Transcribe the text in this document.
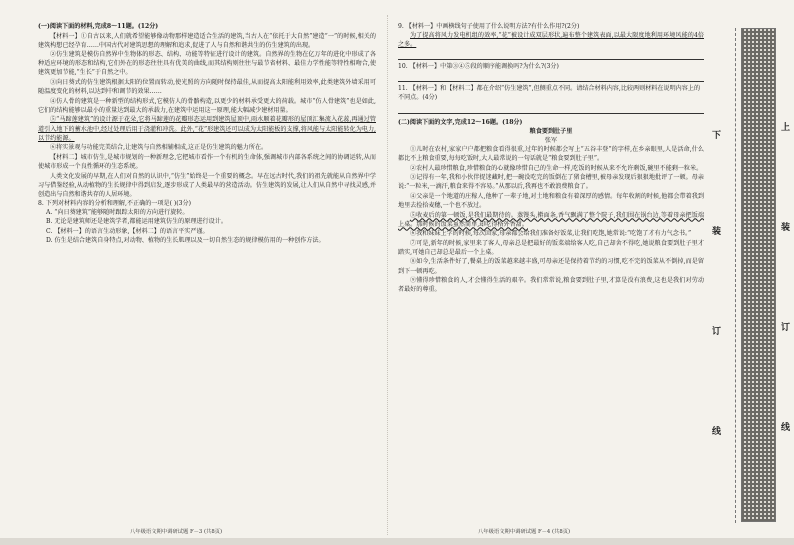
(一)阅读下面的材料,完成8～11题。(12分)

【材料一】①自古以来,人们就希望能够像动物那样建造适合生活的建筑,当古人在“依托于大自然”建造“一”的时候,相关的建筑构想已经孕育……中国古代对建筑思想的理解和追求,促进了人与自然和谐共生的仿生建筑的出现。

②仿生建筑是模仿自然界中生物体的形态、结构、功能等特征进行设计的建筑。自然界的生物在亿万年的进化中形成了各种适应环境的形态和结构,它们外在的形态往往具有优美的曲线,而其结构则往往与最节省材料、最佳力学性能等特性相吻合,使建筑更加节能,“生长”于自然之中。

③向日葵式的仿生建筑根据太阳的位置而转动,使光照的方向随时保持最佳,从而提高太阳能利用效率,此类建筑外墙采用可随温度变化的材料,以达到中和调节的效果……

④仿人骨的建筑是一种新型的结构形式,它模仿人的骨骼构造,以更少的材料承受更大的荷载。城市“仿人骨建筑”也是如此,它们的结构能够以最小的重量达到最大的承载力,在建筑中运用这一原理,能大幅减少建材用量。

⑤“马蹄莲建筑”的设计源于花朵,它将马蹄莲的花瓣形态运用到建筑屋顶中,雨水顺着花瓣形的屋顶汇集流入花蕊,再通过管道引入地下的蓄水池中,经过处理后用于浇灌和冲洗。此外,“花”形建筑还可以成为太阳能板的支撑,将风能与太阳能转化为电力,以节约能源。

⑥将实景观与功能完美结合,让建筑与自然相辅相成,这正是仿生建筑的魅力所在。

【材料二】城市仿生,是城市规划的一种新理念,它把城市看作一个有机的生命体,强调城市内部各系统之间的协调运转,从而使城市形成一个良性循环的生态系统。

人类文化发展的早期,在人们对自然的认识中,“仿生”始终是一个重要的概念。早在远古时代,我们的祖先就能从自然界中学习与借鉴经验,从动植物的生长规律中得到启发,逐步形成了人类最早的营造活动。仿生建筑的发展,让人们从自然中寻找灵感,并创造出与自然和谐共存的人居环境。

8. 下列对材料内容的分析和理解,不正确的一项是( )(3分)

A. “向日葵建筑”能够随时跟踪太阳的方向进行旋转。

B. 无论是建筑师还是建筑学者,都能运用建筑仿生的原理进行设计。

C. 【材料一】的语言生动形象,【材料二】的语言平实严谨。

D. 仿生是结合建筑自身特点,对动物、植物的生长肌理以及一切自然生态的规律模仿用的一种创作方法。

9. 【材料一】中画横线句子使用了什么说明方法?有什么作用?(2分)

为了提高将风力发电机组的效率,“花”被设计成双层形状,遍布整个建筑表面,以最大限度地利用环境风能的4倍之多。

10. 【材料一】中第③④⑤段的顺序能调换吗?为什么?(3分)

11. 【材料一】和【材料二】都在介绍“仿生建筑”,但侧重点不同。请结合材料内容,比较两则材料在说明内容上的不同点。(4分)

(二)阅读下面的文字,完成12～16题。(18分)

粮食要到肚子里

张军

①儿时在农村,家家户户都把粮食看得很重,过年的时候都会写上“五谷丰登”的字样,在乡亲眼里,人是活命,什么都比不上粮食重要,每每吃饭时,大人最常说的一句话就是“粮食要到肚子里”。

②农村人最珍惜粮食,珍惜粮食的心就像珍惜自己的生命一样,吃饭的时候从来不允许剩饭,碗里不能剩一粒米。

③记得有一年,我和小伙伴捉迷藏时,把一碗没吃完的饭倒在了猪食槽里,被母亲发现后狠狠地批评了一顿。母亲说:“一粒米,一滴汗,粮食来得不容易。”从那以后,我再也不敢浪费粮食了。

④父亲是一个地道的庄稼人,他种了一辈子地,对土地和粮食有着深厚的感情。每年收割的时候,他都会带着我到地里去捡拾麦穗,一个也不放过。

⑤收麦后的第一顿饭,是我们最期待的。蒸馒头,擀面条,香气飘满了整个院子,我们围在锅台边,等着母亲把饭端上桌。那时候的饭菜虽然简单,却吃得格外香甜。

⑥我和妹妹上学的时候,每次回家,母亲都会给我们准备好饭菜,让我们吃饱,她常说:“吃饱了才有力气念书。”

⑦可是,新年的时候,家里来了客人,母亲总是把最好的饭菜端给客人吃,自己却舍不得吃,她说粮食要到肚子里才踏实,可她自己却总是最后一个上桌。

⑧如今,生活条件好了,餐桌上的饭菜越来越丰盛,可母亲还是保持着节约的习惯,吃不完的饭菜从不倒掉,而是留到下一顿再吃。

⑨懂得珍惜粮食的人,才会懂得生活的艰辛。我们常常说,粮食要到肚子里,才算是没有浪费,这也是我们对劳动者最好的尊重。

八年级语文期中调研试题 F－3 (共8页)	八年级语文期中调研试题 F－4 (共8页)
上
下
装
装
订
订
线
线
